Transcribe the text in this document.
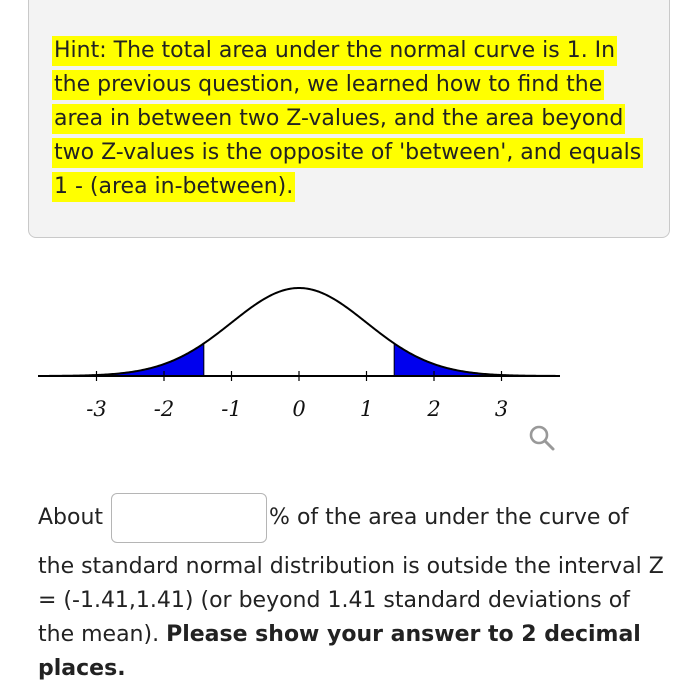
Hint: The total area under the normal curve is 1. In the previous question, we learned how to find the area in between two Z-values, and the area beyond two Z-values is the opposite of 'between', and equals 1 - (area in-between).
-3 -2 -1 0	1	2	3
About	% of the area under the curve of
the standard normal distribution is outside the interval Z = (-1.41,1.41) (or beyond 1.41 standard deviations of the mean). Please show your answer to 2 decimal places.
